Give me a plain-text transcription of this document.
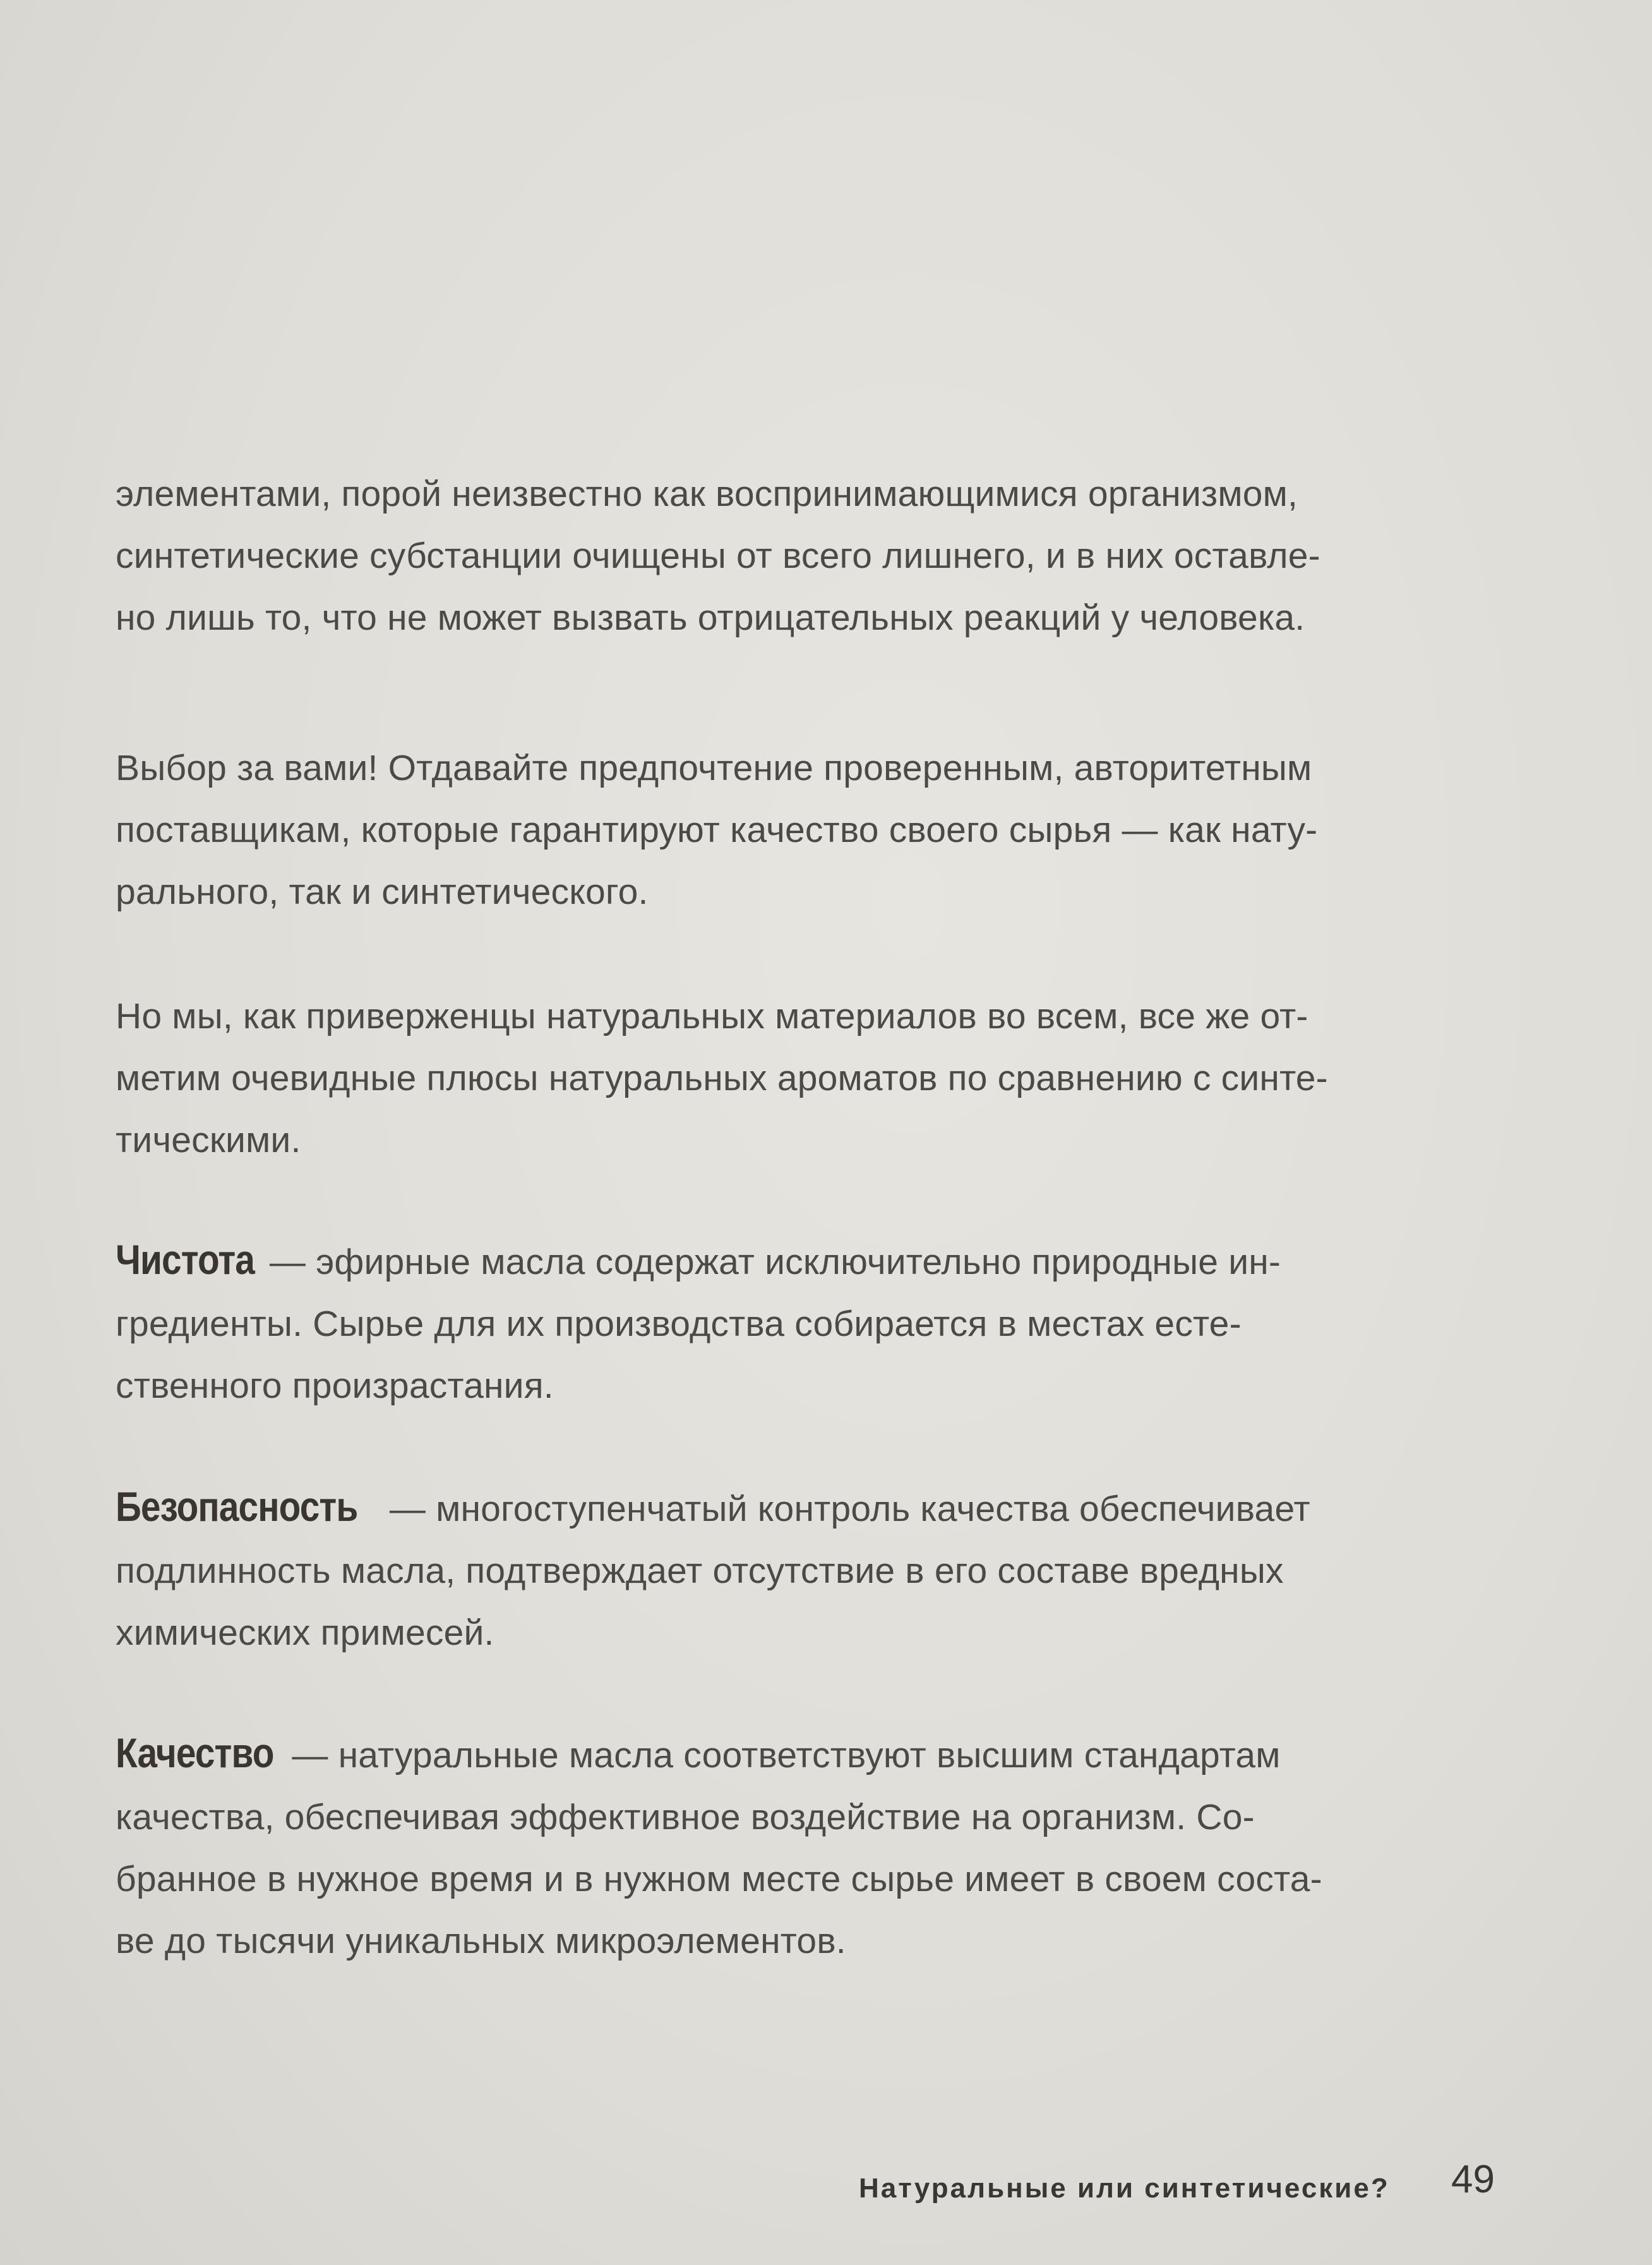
элементами, порой неизвестно как воспринимающимися организмом,
синтетические субстанции очищены от всего лишнего, и в них оставле-
но лишь то, что не может вызвать отрицательных реакций у человека.
Выбор за вами! Отдавайте предпочтение проверенным, авторитетным
поставщикам, которые гарантируют качество своего сырья — как нату-
рального, так и синтетического.
Но мы, как приверженцы натуральных материалов во всем, все же от-
метим очевидные плюсы натуральных ароматов по сравнению с синте-
тическими.
Чистота — эфирные масла содержат исключительно природные ин-
гредиенты. Сырье для их производства собирается в местах есте-
ственного произрастания.
Безопасность — многоступенчатый контроль качества обеспечивает
подлинность масла, подтверждает отсутствие в его составе вредных
химических примесей.
Качество — натуральные масла соответствуют высшим стандартам
качества, обеспечивая эффективное воздействие на организм. Со-
бранное в нужное время и в нужном месте сырье имеет в своем соста-
ве до тысячи уникальных микроэлементов.
Натуральные или синтетические? 49
